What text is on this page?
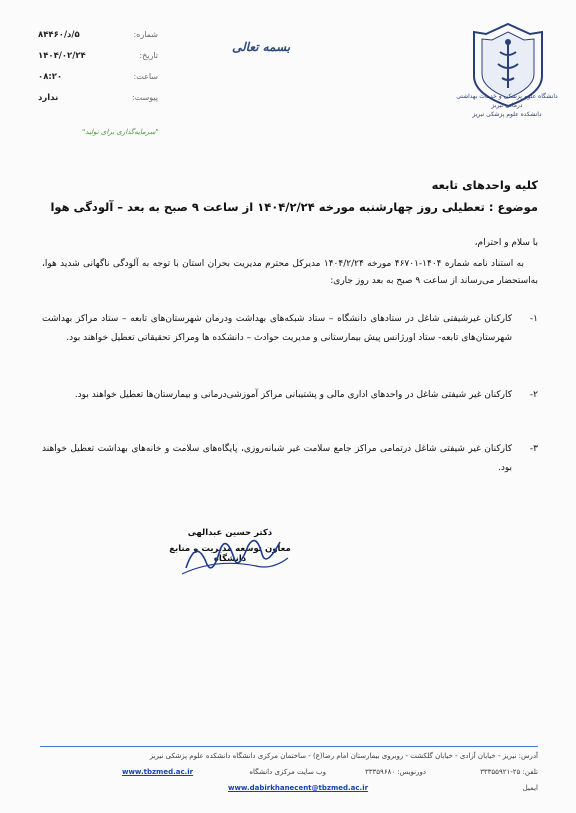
شماره:
۵/د/۸۴۴۶۰
تاریخ:
۱۴۰۴/۰۲/۲۴
ساعت:
۰۸:۲۰
پیوست:
ندارد
"سرمایه‌گذاری برای تولید"
بسمه تعالی
دانشگاه علوم پزشکی و خدمات بهداشتی درمانی تبریز
دانشکده علوم پزشکی نیریز
کلیه واحدهای تابعه
موضوع : تعطیلی روز چهارشنبه مورخه ۱۴۰۴/۲/۲۴ از ساعت ۹ صبح به بعد – آلودگی هوا
با سلام و احترام،
به استناد نامه شماره ۱۴۰۴-۴۶۷۰۱ مورخه ۱۴۰۴/۲/۲۴ مدیرکل محترم مدیریت بحران استان با توجه به آلودگی ناگهانی شدید هوا، به‌استحضار می‌رساند از ساعت ۹ صبح به بعد روز جاری:
۱-
کارکنان غیرشیفتی شاغل در ستادهای دانشگاه – ستاد شبکه‌های بهداشت ودرمان شهرستان‌های تابعه – ستاد مراکز بهداشت شهرستان‌های تابعه- ستاد اورژانس پیش بیمارستانی و مدیریت حوادث – دانشکده ها ومراکز تحقیقاتی تعطیل خواهند بود.
۲-
کارکنان غیر شیفتی شاغل در واحدهای اداری مالی و پشتیبانی مراکز آموزشی‌درمانی و بیمارستان‌ها تعطیل خواهند بود.
۳-
کارکنان غیر شیفتی شاغل درتمامی مراکز جامع سلامت غیر شبانه‌روزی، پایگاه‌های سلامت و خانه‌های بهداشت تعطیل خواهند بود.
دکتر حسین عبدالهی
معاون توسعه مدیریت و منابع دانشگاه
آدرس: نیریز - خیابان آزادی - خیابان گلکشت - روبروی بیمارستان امام رضا(ع) - ساختمان مرکزی دانشگاه دانشکده علوم پزشکی نیریز
تلفن: ۲۵-۳۳۳۵۵۹۲۱
دورنویس: ۳۳۳۵۹۶۸۰
وب سایت مرکزی دانشگاه
www.tbzmed.ac.ir
ایمیل
www.dabirkhanecent@tbzmed.ac.ir
